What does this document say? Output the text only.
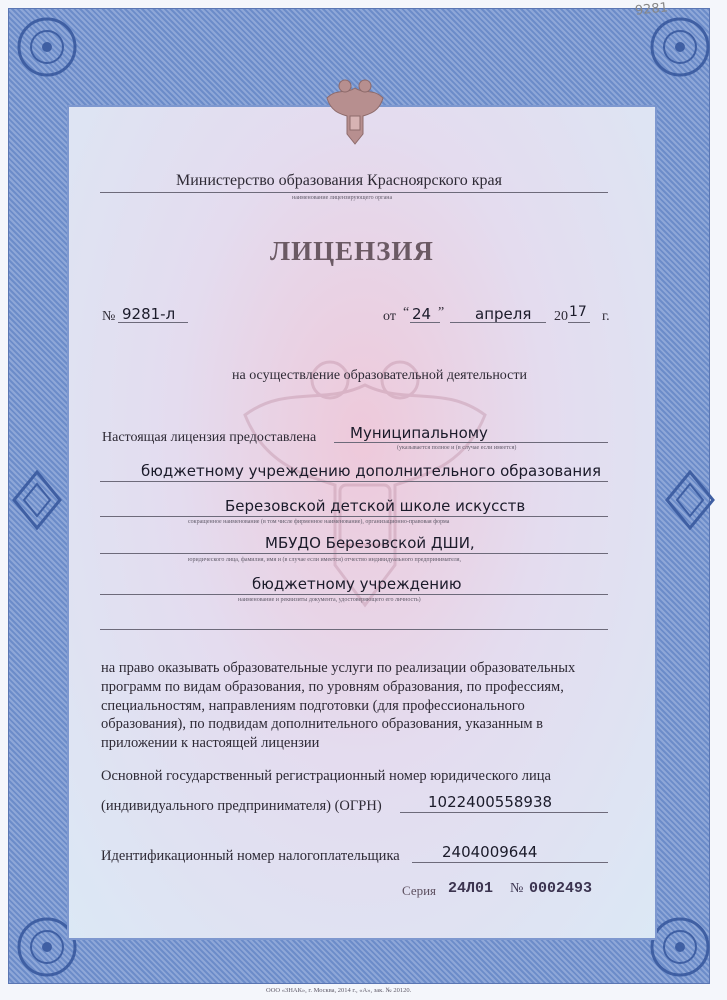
9281
Министерство образования Красноярского края
наименование лицензирующего органа
ЛИЦЕНЗИЯ
№ 9281-л	от “ 24 ” апреля 20 17 г.
на осуществление образовательной деятельности
Настоящая лицензия предоставлена Муниципальному
(указывается полное и (в случае если имеется)
бюджетному учреждению дополнительного образования
Березовской детской школе искусств
сокращенное наименование (в том числе фирменное наименование), организационно-правовая форма
МБУДО Березовской ДШИ,
юридического лица, фамилия, имя и (в случае если имеется) отчество индивидуального предпринимателя,
бюджетному учреждению
наименование и реквизиты документа, удостоверяющего его личность)
на право оказывать образовательные услуги по реализации образовательных
программ по видам образования, по уровням образования, по профессиям,
специальностям, направлениям подготовки (для профессионального
образования), по подвидам дополнительного образования, указанным в
приложении к настоящей лицензии
Основной государственный регистрационный номер юридического лица
(индивидуального предпринимателя) (ОГРН)	1022400558938
Идентификационный номер налогоплательщика	2404009644
Серия 24Л01 № 0002493
ООО «ЗНАК», г. Москва, 2014 г., «А», зак. № 20120.
